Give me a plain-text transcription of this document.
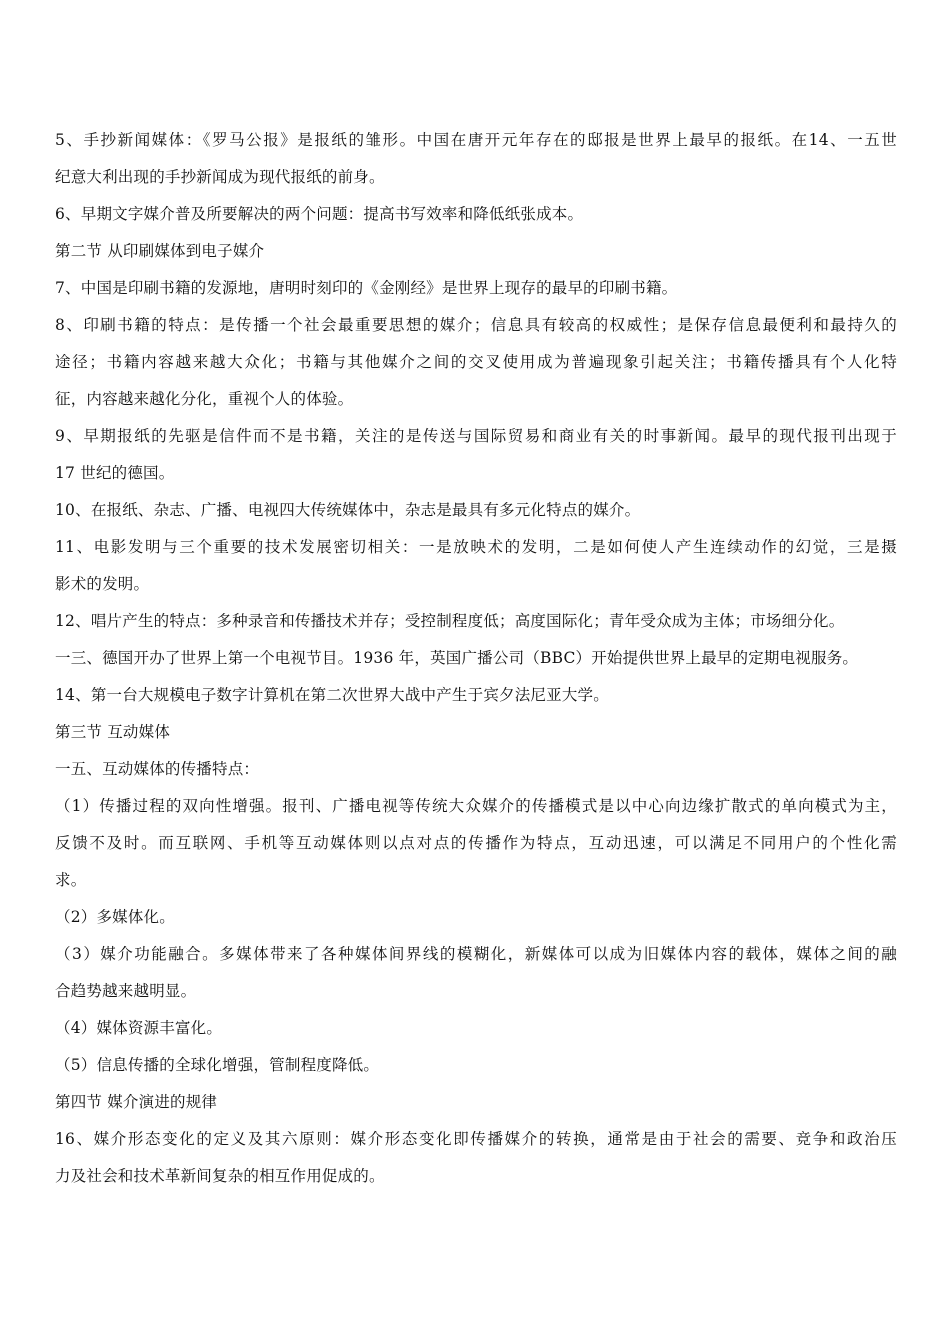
5、手抄新闻媒体：《罗马公报》是报纸的雏形。中国在唐开元年存在的邸报是世界上最早的报纸。在14、一五世
纪意大利出现的手抄新闻成为现代报纸的前身。
6、早期文字媒介普及所要解决的两个问题：提高书写效率和降低纸张成本。
第二节 从印刷媒体到电子媒介
7、中国是印刷书籍的发源地，唐明时刻印的《金刚经》是世界上现存的最早的印刷书籍。
8、印刷书籍的特点：是传播一个社会最重要思想的媒介；信息具有较高的权威性；是保存信息最便利和最持久的
途径；书籍内容越来越大众化；书籍与其他媒介之间的交叉使用成为普遍现象引起关注；书籍传播具有个人化特
征，内容越来越化分化，重视个人的体验。
9、早期报纸的先驱是信件而不是书籍，关注的是传送与国际贸易和商业有关的时事新闻。最早的现代报刊出现于
17 世纪的德国。
10、在报纸、杂志、广播、电视四大传统媒体中，杂志是最具有多元化特点的媒介。
11、电影发明与三个重要的技术发展密切相关：一是放映术的发明，二是如何使人产生连续动作的幻觉，三是摄
影术的发明。
12、唱片产生的特点：多种录音和传播技术并存；受控制程度低；高度国际化；青年受众成为主体；市场细分化。
一三、德国开办了世界上第一个电视节目。1936 年，英国广播公司（BBC）开始提供世界上最早的定期电视服务。
14、第一台大规模电子数字计算机在第二次世界大战中产生于宾夕法尼亚大学。
第三节 互动媒体
一五、互动媒体的传播特点：
（1）传播过程的双向性增强。报刊、广播电视等传统大众媒介的传播模式是以中心向边缘扩散式的单向模式为主，
反馈不及时。而互联网、手机等互动媒体则以点对点的传播作为特点，互动迅速，可以满足不同用户的个性化需
求。
（2）多媒体化。
（3）媒介功能融合。多媒体带来了各种媒体间界线的模糊化，新媒体可以成为旧媒体内容的载体，媒体之间的融
合趋势越来越明显。
（4）媒体资源丰富化。
（5）信息传播的全球化增强，管制程度降低。
第四节 媒介演进的规律
16、媒介形态变化的定义及其六原则：媒介形态变化即传播媒介的转换，通常是由于社会的需要、竞争和政治压
力及社会和技术革新间复杂的相互作用促成的。
